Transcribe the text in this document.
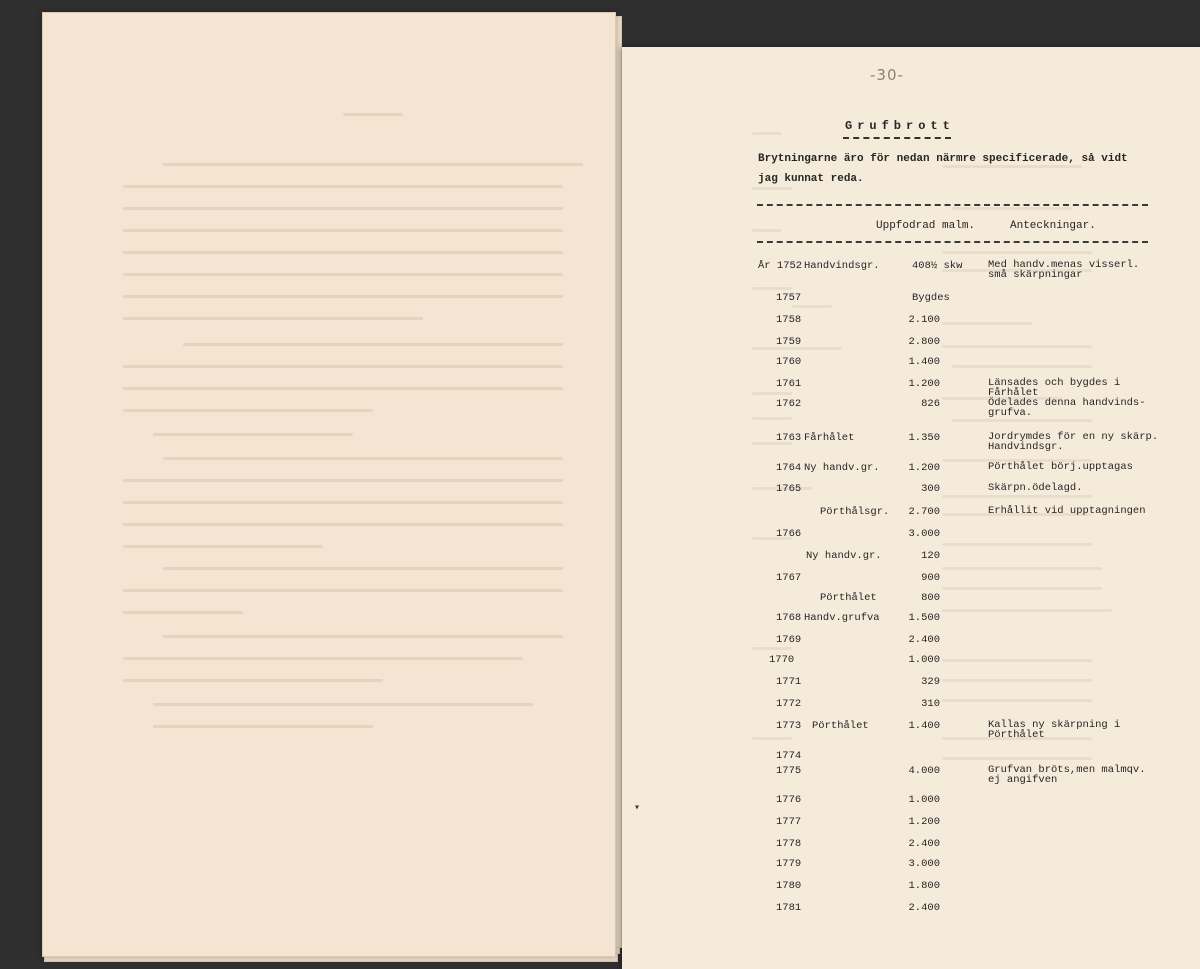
-30-
Grufbrott
Brytningarne äro för nedan närmre specificerade, så vidt
jag kunnat reda.
Uppfodrad malm.	Anteckningar.
År 1752 Handvindsgr.	408½ skw Med handv.menas visserl.
små skärpningar
1757	Bygdes
1758	2.100
1759	2.800
1760	1.400
1761	1.200	Länsades och bygdes i
Fårhålet
1762	826	Ödelades denna handvinds-
grufva.
1763 Fårhålet	1.350	Jordrymdes för en ny skärp.
Handvindsgr.
1764 Ny handv.gr.	1.200	Pörthålet börj.upptagas
1765	300	Skärpn.ödelagd.
Pörthålsgr. 2.700	Erhållit vid upptagningen
1766	3.000
Ny handv.gr.	120
1767	900
Pörthålet	800
1768 Handv.grufva	1.500
1769	2.400
1770	1.000
1771	329
1772	310
1773 Pörthålet	1.400	Kallas ny skärpning i
Pörthålet
1774
1775	4.000	Grufvan bröts,men malmqv.
ej angifven
1776	1.000
1777	1.200
1778	2.400
1779	3.000
1780	1.800
1781	2.400
▾
